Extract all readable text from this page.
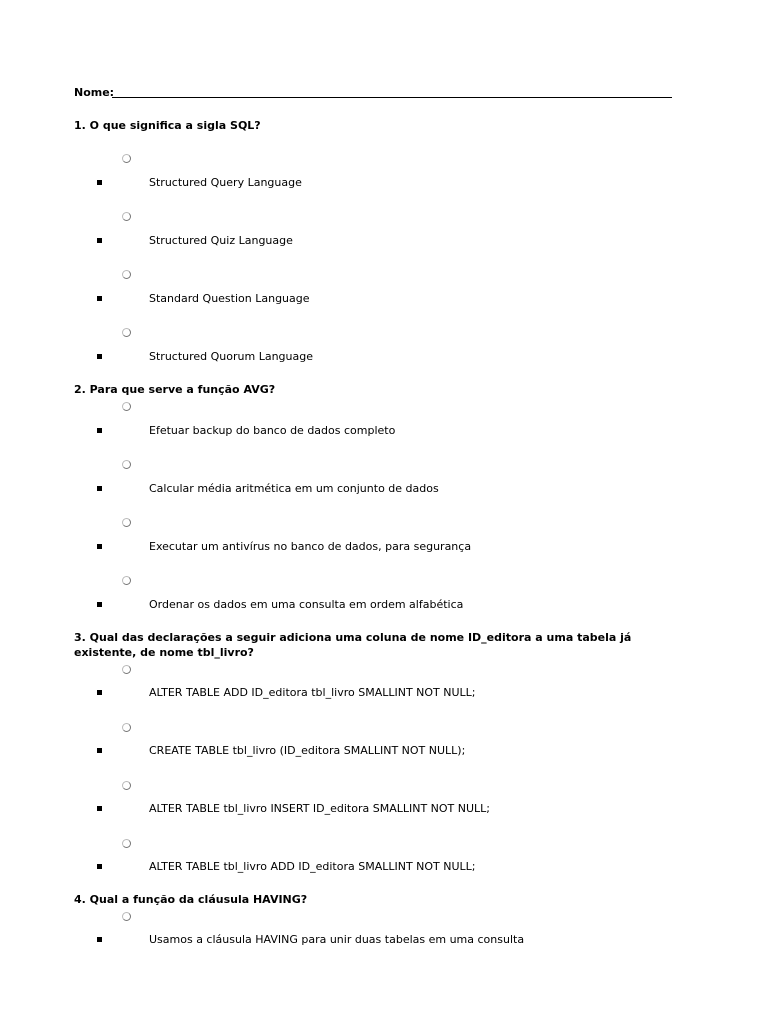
Nome:
1. O que significa a sigla SQL?
Structured Query Language
Structured Quiz Language
Standard Question Language
Structured Quorum Language
2. Para que serve a função AVG?
Efetuar backup do banco de dados completo
Calcular média aritmética em um conjunto de dados
Executar um antivírus no banco de dados, para segurança
Ordenar os dados em uma consulta em ordem alfabética
3. Qual das declarações a seguir adiciona uma coluna de nome ID_editora a uma tabela já existente, de nome tbl_livro?
ALTER TABLE ADD ID_editora tbl_livro SMALLINT NOT NULL;
CREATE TABLE tbl_livro (ID_editora SMALLINT NOT NULL);
ALTER TABLE tbl_livro INSERT ID_editora SMALLINT NOT NULL;
ALTER TABLE tbl_livro ADD ID_editora SMALLINT NOT NULL;
4. Qual a função da cláusula HAVING?
Usamos a cláusula HAVING para unir duas tabelas em uma consulta
